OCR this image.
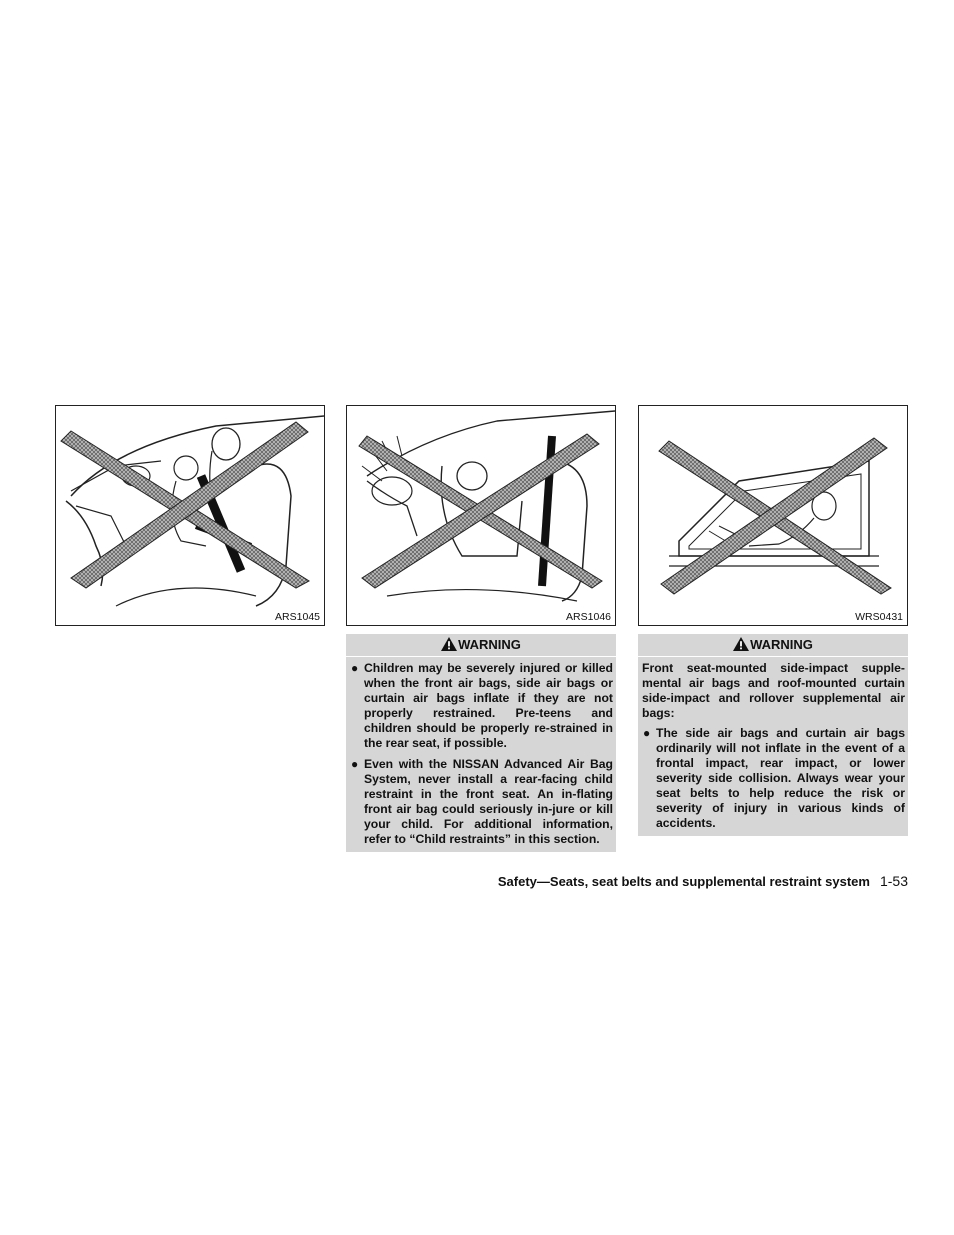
ARS1045	ARS1046	WRS0431
WARNING
● Children may be severely injured or killed when the front air bags, side air bags or curtain air bags inflate if they are not properly restrained. Pre-teens and children should be properly re-strained in the rear seat, if possible.
● Even with the NISSAN Advanced Air Bag System, never install a rear-facing child restraint in the front seat. An in-flating front air bag could seriously in-jure or kill your child. For additional information, refer to “Child restraints” in this section.
WARNING
Front seat-mounted side-impact supple-mental air bags and roof-mounted curtain side-impact and rollover supplemental air bags:
● The side air bags and curtain air bags ordinarily will not inflate in the event of a frontal impact, rear impact, or lower severity side collision. Always wear your seat belts to help reduce the risk or severity of injury in various kinds of accidents.
Safety—Seats, seat belts and supplemental restraint system 1-53
